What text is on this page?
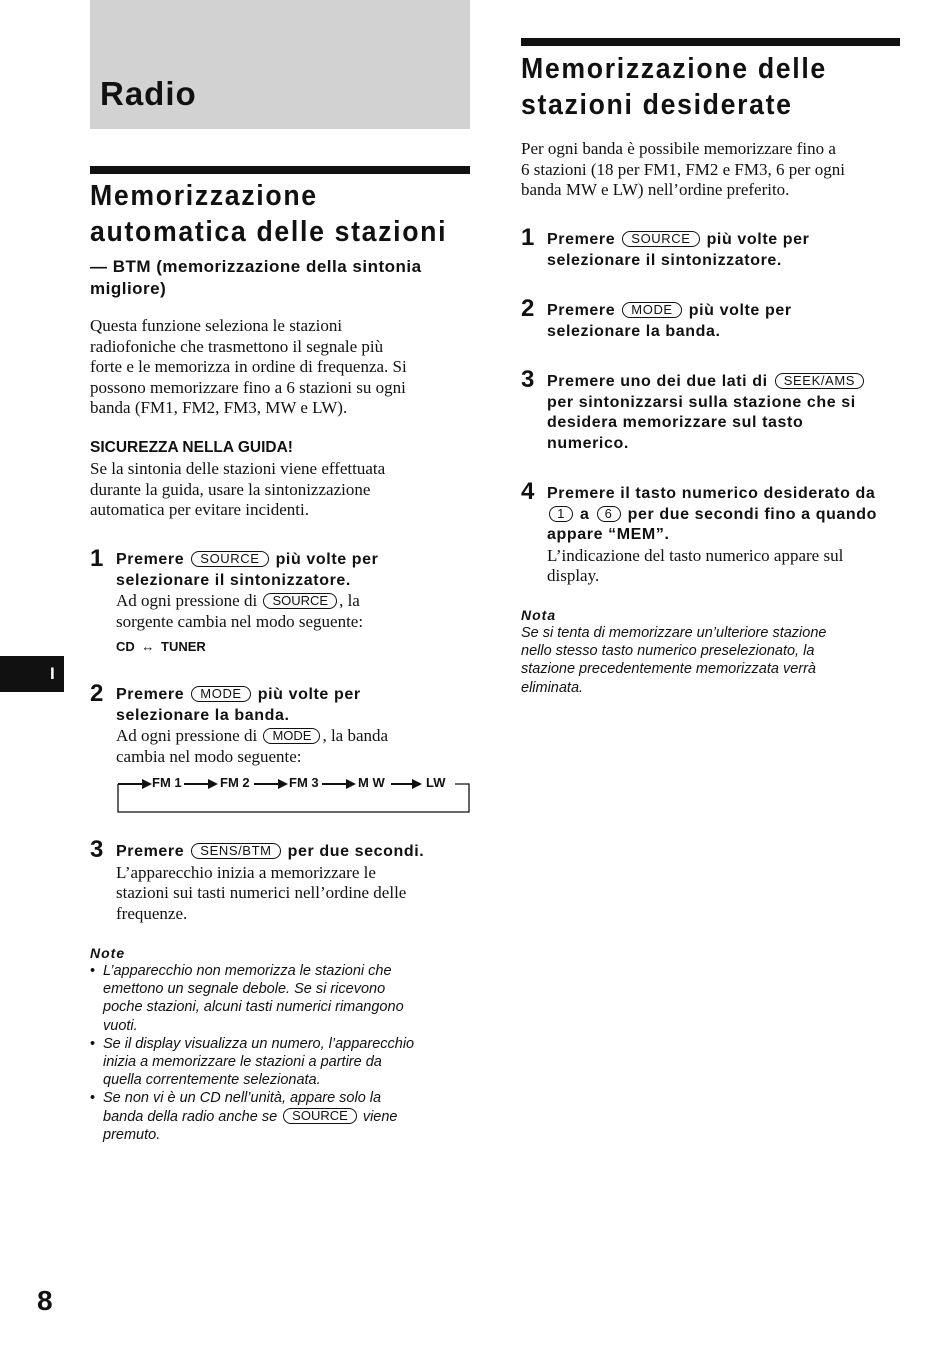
Radio
I
Memorizzazione
automatica delle stazioni
— BTM (memorizzazione della sintonia
migliore)
Questa funzione seleziona le stazioni
radiofoniche che trasmettono il segnale più
forte e le memorizza in ordine di frequenza. Si
possono memorizzare fino a 6 stazioni su ogni
banda (FM1, FM2, FM3, MW e LW).
SICUREZZA NELLA GUIDA!
Se la sintonia delle stazioni viene effettuata
durante la guida, usare la sintonizzazione
automatica per evitare incidenti.
1 Premere SOURCE più volte per
selezionare il sintonizzatore.
Ad ogni pressione di SOURCE , la
sorgente cambia nel modo seguente:
CD ↔ TUNER
2 Premere MODE più volte per
selezionare la banda.
Ad ogni pressione di MODE , la banda
cambia nel modo seguente:
FM 1	FM 2	FM 3	M W	LW
3 Premere SENS/BTM per due secondi.
L’apparecchio inizia a memorizzare le
stazioni sui tasti numerici nell’ordine delle
frequenze.
Note
• L’apparecchio non memorizza le stazioni che
emettono un segnale debole. Se si ricevono
poche stazioni, alcuni tasti numerici rimangono
vuoti.
• Se il display visualizza un numero, l’apparecchio
inizia a memorizzare le stazioni a partire da
quella correntemente selezionata.
• Se non vi è un CD nell’unità, appare solo la
banda della radio anche se SOURCE viene
premuto.
Memorizzazione delle
stazioni desiderate
Per ogni banda è possibile memorizzare fino a
6 stazioni (18 per FM1, FM2 e FM3, 6 per ogni
banda MW e LW) nell’ordine preferito.
1 Premere SOURCE più volte per
selezionare il sintonizzatore.
2 Premere MODE più volte per
selezionare la banda.
3 Premere uno dei due lati di SEEK/AMS
per sintonizzarsi sulla stazione che si
desidera memorizzare sul tasto
numerico.
4 Premere il tasto numerico desiderato da
1 a 6 per due secondi fino a quando
appare “MEM”.
L’indicazione del tasto numerico appare sul
display.
Nota
Se si tenta di memorizzare un’ulteriore stazione
nello stesso tasto numerico preselezionato, la
stazione precedentemente memorizzata verrà
eliminata.
8
